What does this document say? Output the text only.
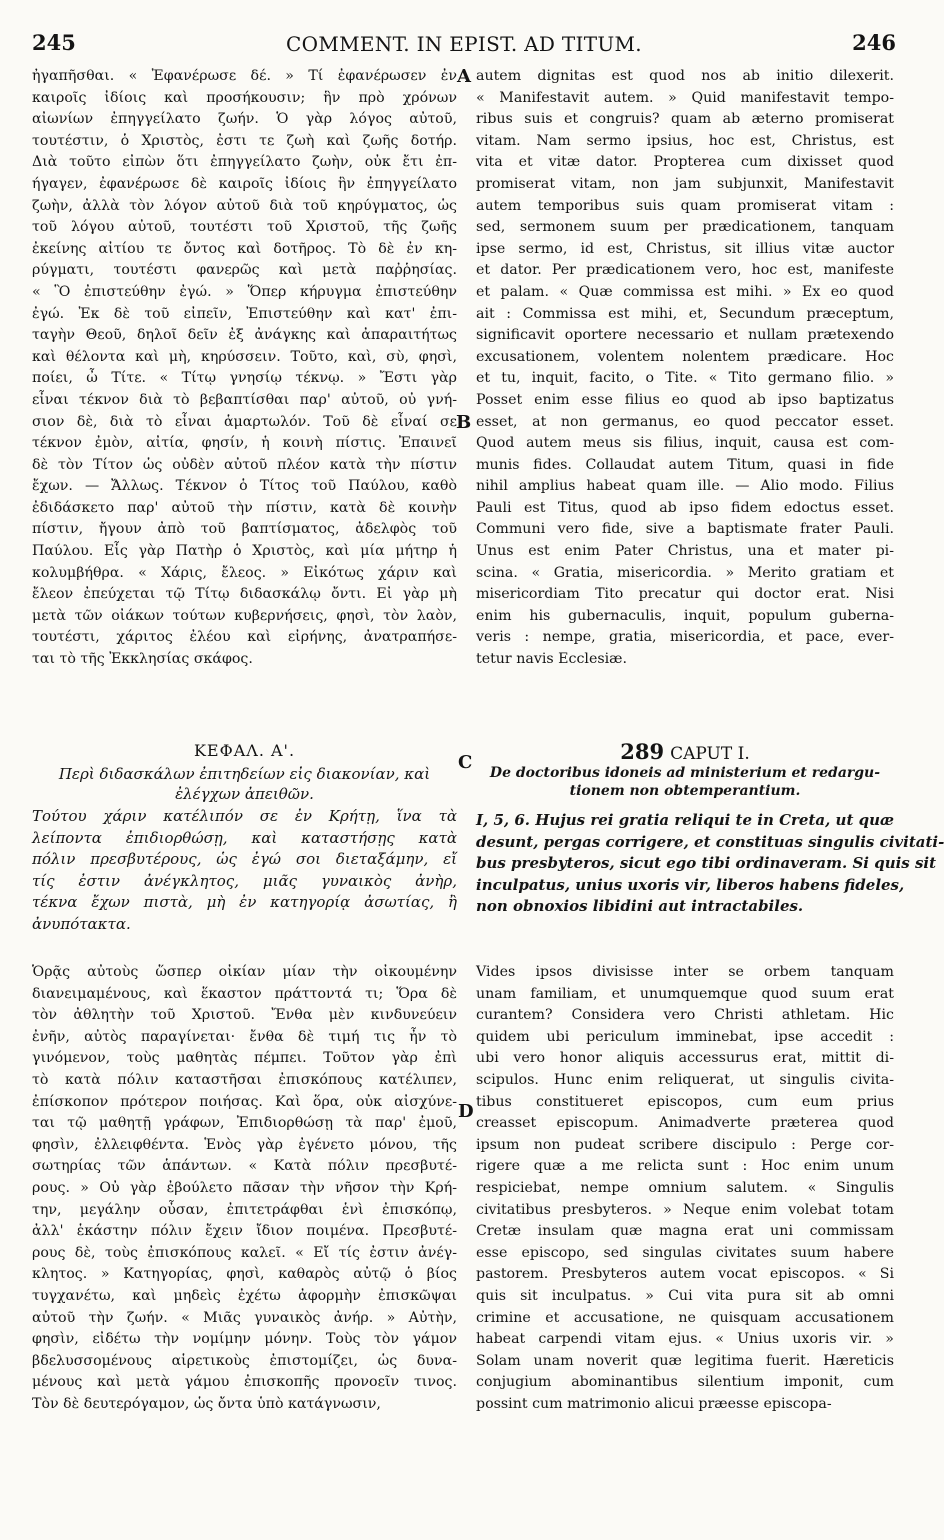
245	COMMENT. IN EPIST. AD TITUM.	246
A
B
C
D
ἠγαπῆσθαι. « Ἐφανέρωσε δέ. » Τί ἐφανέρωσεν ἐν
καιροῖς ἰδίοις καὶ προσήκουσιν; ἣν πρὸ χρόνων
αἰωνίων ἐπηγγείλατο ζωήν. Ὁ γὰρ λόγος αὐτοῦ,
τουτέστιν, ὁ Χριστὸς, ἐστι τε ζωὴ καὶ ζωῆς δοτήρ.
Διὰ τοῦτο εἰπὼν ὅτι ἐπηγγείλατο ζωὴν, οὐκ ἔτι ἐπ-
ήγαγεν, ἐφανέρωσε δὲ καιροῖς ἰδίοις ἣν ἐπηγγείλατο
ζωὴν, ἀλλὰ τὸν λόγον αὐτοῦ διὰ τοῦ κηρύγματος, ὡς
τοῦ λόγου αὐτοῦ, τουτέστι τοῦ Χριστοῦ, τῆς ζωῆς
ἐκείνης αἰτίου τε ὄντος καὶ δοτῆρος. Τὸ δὲ ἐν κη-
ρύγματι, τουτέστι φανερῶς καὶ μετὰ παῤῥησίας.
« Ὃ ἐπιστεύθην ἐγώ. » Ὅπερ κήρυγμα ἐπιστεύθην
ἐγώ. Ἐκ δὲ τοῦ εἰπεῖν, Ἐπιστεύθην καὶ κατ' ἐπι-
ταγὴν Θεοῦ, δηλοῖ δεῖν ἐξ ἀνάγκης καὶ ἀπαραιτήτως
καὶ θέλοντα καὶ μὴ, κηρύσσειν. Τοῦτο, καὶ, σὺ, φησὶ,
ποίει, ὦ Τίτε. « Τίτῳ γνησίῳ τέκνῳ. » Ἔστι γὰρ
εἶναι τέκνον διὰ τὸ βεβαπτίσθαι παρ' αὐτοῦ, οὐ γνή-
σιον δὲ, διὰ τὸ εἶναι ἁμαρτωλόν. Τοῦ δὲ εἶναί σε
τέκνον ἐμὸν, αἰτία, φησίν, ἡ κοινὴ πίστις. Ἐπαινεῖ
δὲ τὸν Τίτον ὡς οὐδὲν αὐτοῦ πλέον κατὰ τὴν πίστιν
ἔχων. — Ἄλλως. Τέκνον ὁ Τίτος τοῦ Παύλου, καθὸ
ἐδιδάσκετο παρ' αὐτοῦ τὴν πίστιν, κατὰ δὲ κοινὴν
πίστιν, ἤγουν ἀπὸ τοῦ βαπτίσματος, ἀδελφὸς τοῦ
Παύλου. Εἷς γὰρ Πατὴρ ὁ Χριστὸς, καὶ μία μήτηρ ἡ
κολυμβήθρα. « Χάρις, ἔλεος. » Εἰκότως χάριν καὶ
ἔλεον ἐπεύχεται τῷ Τίτῳ διδασκάλῳ ὄντι. Εἰ γὰρ μὴ
μετὰ τῶν οἰάκων τούτων κυβερνήσεις, φησὶ, τὸν λαὸν,
τουτέστι, χάριτος ἐλέου καὶ εἰρήνης, ἀνατραπήσε-
ται τὸ τῆς Ἐκκλησίας σκάφος.
autem dignitas est quod nos ab initio dilexerit.
« Manifestavit autem. » Quid manifestavit tempo-
ribus suis et congruis? quam ab æterno promiserat
vitam. Nam sermo ipsius, hoc est, Christus, est
vita et vitæ dator. Propterea cum dixisset quod
promiserat vitam, non jam subjunxit, Manifestavit
autem temporibus suis quam promiserat vitam :
sed, sermonem suum per prædicationem, tanquam
ipse sermo, id est, Christus, sit illius vitæ auctor
et dator. Per prædicationem vero, hoc est, manifeste
et palam. « Quæ commissa est mihi. » Ex eo quod
ait : Commissa est mihi, et, Secundum præceptum,
significavit oportere necessario et nullam prætexendo
excusationem, volentem nolentem prædicare. Hoc
et tu, inquit, facito, o Tite. « Tito germano filio. »
Posset enim esse filius eo quod ab ipso baptizatus
esset, at non germanus, eo quod peccator esset.
Quod autem meus sis filius, inquit, causa est com-
munis fides. Collaudat autem Titum, quasi in fide
nihil amplius habeat quam ille. — Alio modo. Filius
Pauli est Titus, quod ab ipso fidem edoctus esset.
Communi vero fide, sive a baptismate frater Pauli.
Unus est enim Pater Christus, una et mater pi-
scina. « Gratia, misericordia. » Merito gratiam et
misericordiam Tito precatur qui doctor erat. Nisi
enim his gubernaculis, inquit, populum guberna-
veris : nempe, gratia, misericordia, et pace, ever-
tetur navis Ecclesiæ.
ΚΕΦΑΛ. Α'.
Περὶ διδασκάλων ἐπιτηδείων εἰς διακονίαν, καὶ
ἐλέγχων ἀπειθῶν.
289 CAPUT I.
De doctoribus idoneis ad ministerium et redargu-
tionem non obtemperantium.
Τούτου χάριν κατέλιπόν σε ἐν Κρήτῃ, ἵνα τὰ
λείποντα ἐπιδιορθώσῃ, καὶ καταστήσῃς κατὰ
πόλιν πρεσβυτέρους, ὡς ἐγώ σοι διεταξάμην, εἴ
τίς ἐστιν ἀνέγκλητος, μιᾶς γυναικὸς ἀνὴρ,
τέκνα ἔχων πιστὰ, μὴ ἐν κατηγορίᾳ ἀσωτίας, ἢ
ἀνυπότακτα.
I, 5, 6. Hujus rei gratia reliqui te in Creta, ut quæ
desunt, pergas corrigere, et constituas singulis civitati-
bus presbyteros, sicut ego tibi ordinaveram. Si quis sit
inculpatus, unius uxoris vir, liberos habens fideles,
non obnoxios libidini aut intractabiles.
Ὁρᾷς αὐτοὺς ὥσπερ οἰκίαν μίαν τὴν οἰκουμένην
διανειμαμένους, καὶ ἕκαστον πράττοντά τι; Ὅρα δὲ
τὸν ἀθλητὴν τοῦ Χριστοῦ. Ἔνθα μὲν κινδυνεύειν
ἐνῆν, αὐτὸς παραγίνεται· ἔνθα δὲ τιμή τις ἦν τὸ
γινόμενον, τοὺς μαθητὰς πέμπει. Τοῦτον γὰρ ἐπὶ
τὸ κατὰ πόλιν καταστῆσαι ἐπισκόπους κατέλιπεν,
ἐπίσκοπον πρότερον ποιήσας. Καὶ ὅρα, οὐκ αἰσχύνε-
ται τῷ μαθητῇ γράφων, Ἐπιδιορθώσῃ τὰ παρ' ἐμοῦ,
φησὶν, ἐλλειφθέντα. Ἑνὸς γὰρ ἐγένετο μόνου, τῆς
σωτηρίας τῶν ἁπάντων. « Κατὰ πόλιν πρεσβυτέ-
ρους. » Οὐ γὰρ ἐβούλετο πᾶσαν τὴν νῆσον τὴν Κρή-
την, μεγάλην οὖσαν, ἐπιτετράφθαι ἑνὶ ἐπισκόπῳ,
ἀλλ' ἑκάστην πόλιν ἔχειν ἴδιον ποιμένα. Πρεσβυτέ-
ρους δὲ, τοὺς ἐπισκόπους καλεῖ. « Εἴ τίς ἐστιν ἀνέγ-
κλητος. » Κατηγορίας, φησὶ, καθαρὸς αὐτῷ ὁ βίος
τυγχανέτω, καὶ μηδεὶς ἐχέτω ἀφορμὴν ἐπισκῶψαι
αὐτοῦ τὴν ζωήν. « Μιᾶς γυναικὸς ἀνήρ. » Αὐτὴν,
φησὶν, εἰδέτω τὴν νομίμην μόνην. Τοὺς τὸν γάμον
βδελυσσομένους αἱρετικοὺς ἐπιστομίζει, ὡς δυνα-
μένους καὶ μετὰ γάμου ἐπισκοπῆς προνοεῖν τινος.
Τὸν δὲ δευτερόγαμον, ὡς ὄντα ὑπὸ κατάγνωσιν,
Vides ipsos divisisse inter se orbem tanquam
unam familiam, et unumquemque quod suum erat
curantem? Considera vero Christi athletam. Hic
quidem ubi periculum imminebat, ipse accedit :
ubi vero honor aliquis accessurus erat, mittit di-
scipulos. Hunc enim reliquerat, ut singulis civita-
tibus constitueret episcopos, cum eum prius
creasset episcopum. Animadverte præterea quod
ipsum non pudeat scribere discipulo : Perge cor-
rigere quæ a me relicta sunt : Hoc enim unum
respiciebat, nempe omnium salutem. « Singulis
civitatibus presbyteros. » Neque enim volebat totam
Cretæ insulam quæ magna erat uni commissam
esse episcopo, sed singulas civitates suum habere
pastorem. Presbyteros autem vocat episcopos. « Si
quis sit inculpatus. » Cui vita pura sit ab omni
crimine et accusatione, ne quisquam accusationem
habeat carpendi vitam ejus. « Unius uxoris vir. »
Solam unam noverit quæ legitima fuerit. Hæreticis
conjugium abominantibus silentium imponit, cum
possint cum matrimonio alicui præesse episcopa-
